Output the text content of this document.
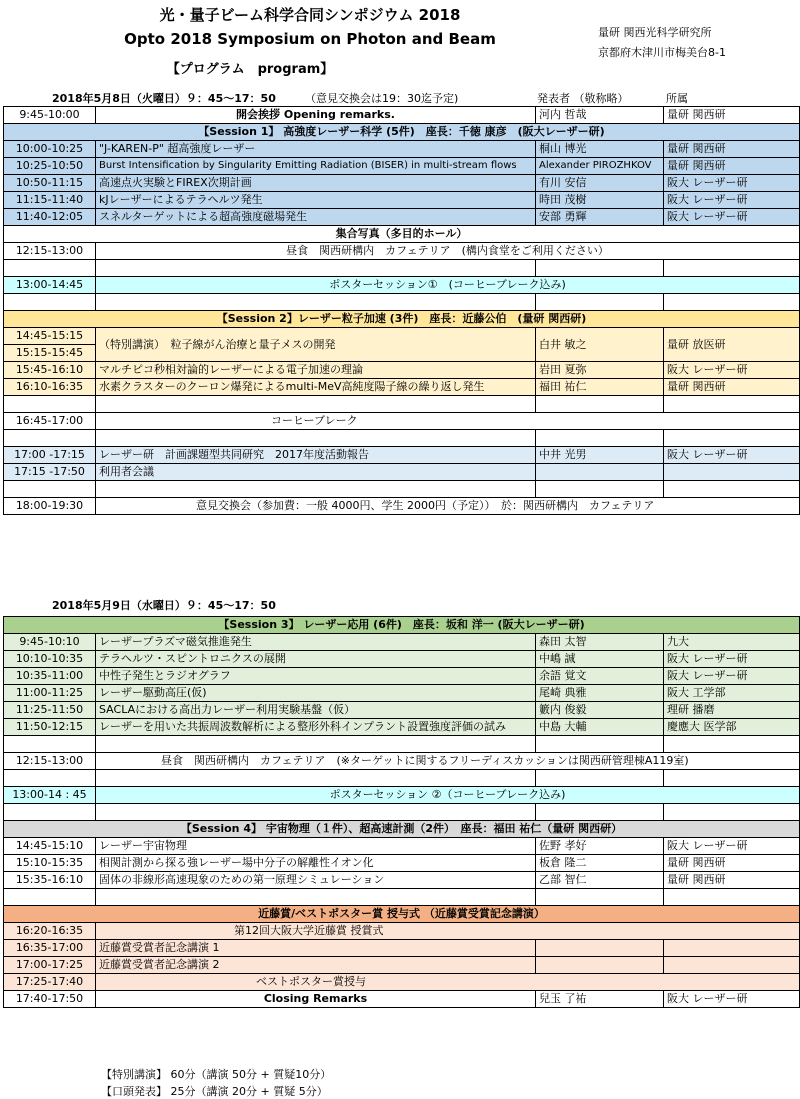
光・量子ビーム科学合同シンポジウム 2018
Opto 2018 Symposium on Photon and Beam
【プログラム　program】
量研 関西光科学研究所
京都府木津川市梅美台8-1
2018年5月8日（火曜日）９：45〜17：50	（意見交換会は19：30迄予定)	発表者 （敬称略）	所属
9:45-10:00	開会挨拶 Opening remarks.	河内 哲哉	量研 関西研
【Session 1】 高強度レーザー科学 (5件)　座長：千徳 康彦　(阪大レーザー研)			
10:00-10:25	"J-KAREN-P" 超高強度レーザー	桐山 博光	量研 関西研
10:25-10:50	Burst Intensification by Singularity Emitting Radiation (BISER) in multi-stream flows	Alexander PIROZHKOV	量研 関西研
10:50-11:15	高速点火実験とFIREX次期計画	有川 安信	阪大 レーザー研
11:15-11:40	kJレーザーによるテラヘルツ発生	時田 茂樹	阪大 レーザー研
11:40-12:05	スネルターゲットによる超高強度磁場発生	安部 勇輝	阪大 レーザー研
集合写真（多目的ホール）			
12:15-13:00	昼食　関西研構内　カフェテリア　(構内食堂をご利用ください）		

13:00-14:45	ポスターセッション①　(コーヒーブレーク込み)		

【Session 2】レーザー粒子加速 (3件)　座長：近藤公伯　(量研 関西研)			
14:45-15:15	（特別講演）　粒子線がん治療と量子メスの開発	白井 敏之	量研 放医研
15:15-15:45			
15:45-16:10	マルチピコ秒相対論的レーザーによる電子加速の理論	岩田 夏弥	阪大 レーザー研
16:10-16:35	水素クラスターのクーロン爆発によるmulti-MeV高純度陽子線の繰り返し発生	福田 祐仁	量研 関西研

16:45-17:00	コーヒーブレーク		

17:00 -17:15	レーザー研　計画課題型共同研究　2017年度活動報告	中井 光男	阪大 レーザー研
17:15 -17:50	利用者会議		

18:00-19:30	意見交換会（参加費：一般 4000円、学生 2000円（予定））　於：関西研構内　カフェテリア		
2018年5月9日（水曜日）９：45〜17：50
【Session 3】 レーザー応用 (6件)　座長：坂和 洋一 (阪大レーザー研)			
9:45-10:10	レーザープラズマ磁気推進発生	森田 太智	九大
10:10-10:35	テラヘルツ・スピントロニクスの展開	中嶋 誠	阪大 レーザー研
10:35-11:00	中性子発生とラジオグラフ	余語 覚文	阪大 レーザー研
11:00-11:25	レーザー駆動高圧(仮)	尾崎 典雅	阪大 工学部
11:25-11:50	SACLAにおける高出力レーザー利用実験基盤（仮）	籔内 俊毅	理研 播磨
11:50-12:15	レーザーを用いた共振周波数解析による整形外科インプラント設置強度評価の試み	中島 大輔	慶應大 医学部

12:15-13:00	昼食　関西研構内　カフェテリア　(※ターゲットに関するフリーディスカッションは関西研管理棟A119室)		

13:00-14 : 45	ポスターセッション ②（コーヒーブレーク込み)		

【Session 4】 宇宙物理（１件）、超高速計測（2件）　座長：福田 祐仁（量研 関西研）			
14:45-15:10	レーザー宇宙物理	佐野 孝好	阪大 レーザー研
15:10-15:35	相関計測から探る強レーザー場中分子の解離性イオン化	板倉 隆二	量研 関西研
15:35-16:10	固体の非線形高速現象のための第一原理シミュレーション	乙部 智仁	量研 関西研

近藤賞/ベストポスター賞 授与式 （近藤賞受賞記念講演）			
16:20-16:35	第12回大阪大学近藤賞 授賞式		
16:35-17:00	近藤賞受賞者記念講演 1		
17:00-17:25	近藤賞受賞者記念講演 2		
17:25-17:40	ベストポスター賞授与		
17:40-17:50	Closing Remarks	兒玉 了祐	阪大 レーザー研
【特別講演】 60分（講演 50分 + 質疑10分）
【口頭発表】 25分（講演 20分 + 質疑 5分）
